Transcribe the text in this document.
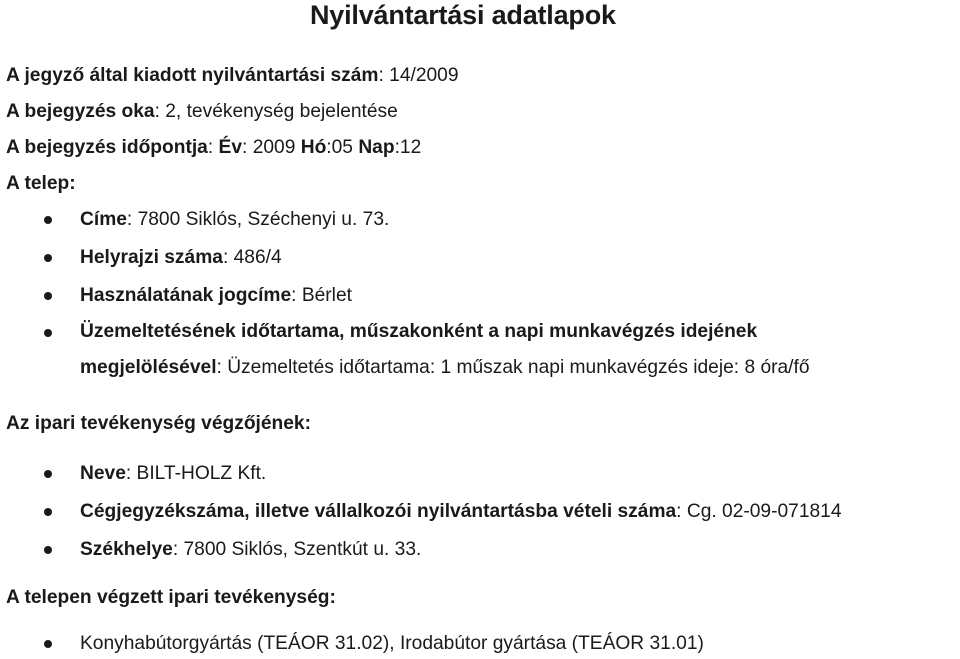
Nyilvántartási adatlapok
A jegyző által kiadott nyilvántartási szám: 14/2009
A bejegyzés oka: 2, tevékenység bejelentése
A bejegyzés időpontja: Év: 2009 Hó:05 Nap:12
A telep:
Címe: 7800 Siklós, Széchenyi u. 73.
Helyrajzi száma: 486/4
Használatának jogcíme: Bérlet
Üzemeltetésének időtartama, műszakonként a napi munkavégzés idejének
megjelölésével: Üzemeltetés időtartama: 1 műszak napi munkavégzés ideje: 8 óra/fő
Az ipari tevékenység végzőjének:
Neve: BILT-HOLZ Kft.
Cégjegyzékszáma, illetve vállalkozói nyilvántartásba vételi száma: Cg. 02-09-071814
Székhelye: 7800 Siklós, Szentkút u. 33.
A telepen végzett ipari tevékenység:
Konyhabútorgyártás (TEÁOR 31.02), Irodabútor gyártása (TEÁOR 31.01)
